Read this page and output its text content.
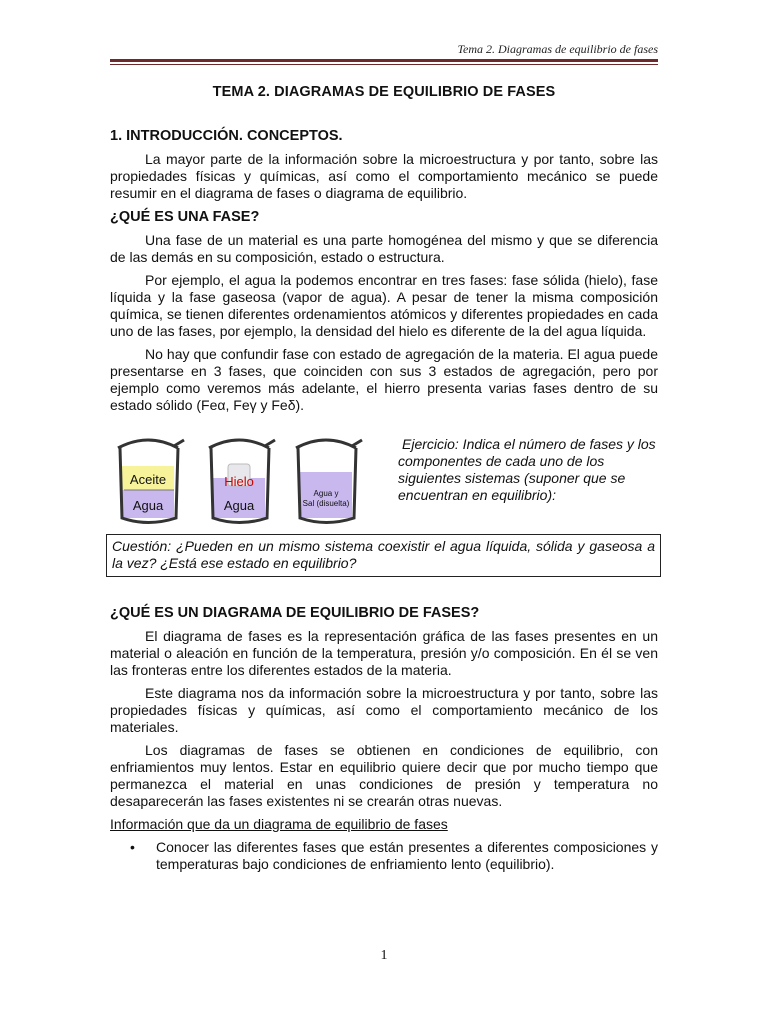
Tema 2. Diagramas de equilibrio de fases
TEMA 2. DIAGRAMAS DE EQUILIBRIO DE FASES
1. INTRODUCCIÓN. CONCEPTOS.

La mayor parte de la información sobre la microestructura y por tanto, sobre las propiedades físicas y químicas, así como el comportamiento mecánico se puede resumir en el diagrama de fases o diagrama de equilibrio.

¿QUÉ ES UNA FASE?

Una fase de un material es una parte homogénea del mismo y que se diferencia de las demás en su composición, estado o estructura.

Por ejemplo, el agua la podemos encontrar en tres fases: fase sólida (hielo), fase líquida y la fase gaseosa (vapor de agua). A pesar de tener la misma composición química, se tienen diferentes ordenamientos atómicos y diferentes propiedades en cada uno de las fases, por ejemplo, la densidad del hielo es diferente de la del agua líquida.

No hay que confundir fase con estado de agregación de la materia. El agua puede presentarse en 3 fases, que coinciden con sus 3 estados de agregación, pero por ejemplo como veremos más adelante, el hierro presenta varias fases dentro de su estado sólido (Feα, Feγ y Feδ).

Aceite
Agua
Hielo
Agua
Agua y
Sal (disuelta)
Ejercicio: Indica el número de fases y los componentes de cada uno de los siguientes sistemas (suponer que se encuentran en equilibrio):
Cuestión: ¿Pueden en un mismo sistema coexistir el agua líquida, sólida y gaseosa a la vez? ¿Está ese estado en equilibrio?
¿QUÉ ES UN DIAGRAMA DE EQUILIBRIO DE FASES?

El diagrama de fases es la representación gráfica de las fases presentes en un material o aleación en función de la temperatura, presión y/o composición. En él se ven las fronteras entre los diferentes estados de la materia.

Este diagrama nos da información sobre la microestructura y por tanto, sobre las propiedades físicas y químicas, así como el comportamiento mecánico de los materiales.

Los diagramas de fases se obtienen en condiciones de equilibrio, con enfriamientos muy lentos. Estar en equilibrio quiere decir que por mucho tiempo que permanezca el material en unas condiciones de presión y temperatura no desaparecerán las fases existentes ni se crearán otras nuevas.

Información que da un diagrama de equilibrio de fases
• Conocer las diferentes fases que están presentes a diferentes composiciones y temperaturas bajo condiciones de enfriamiento lento (equilibrio).
1
